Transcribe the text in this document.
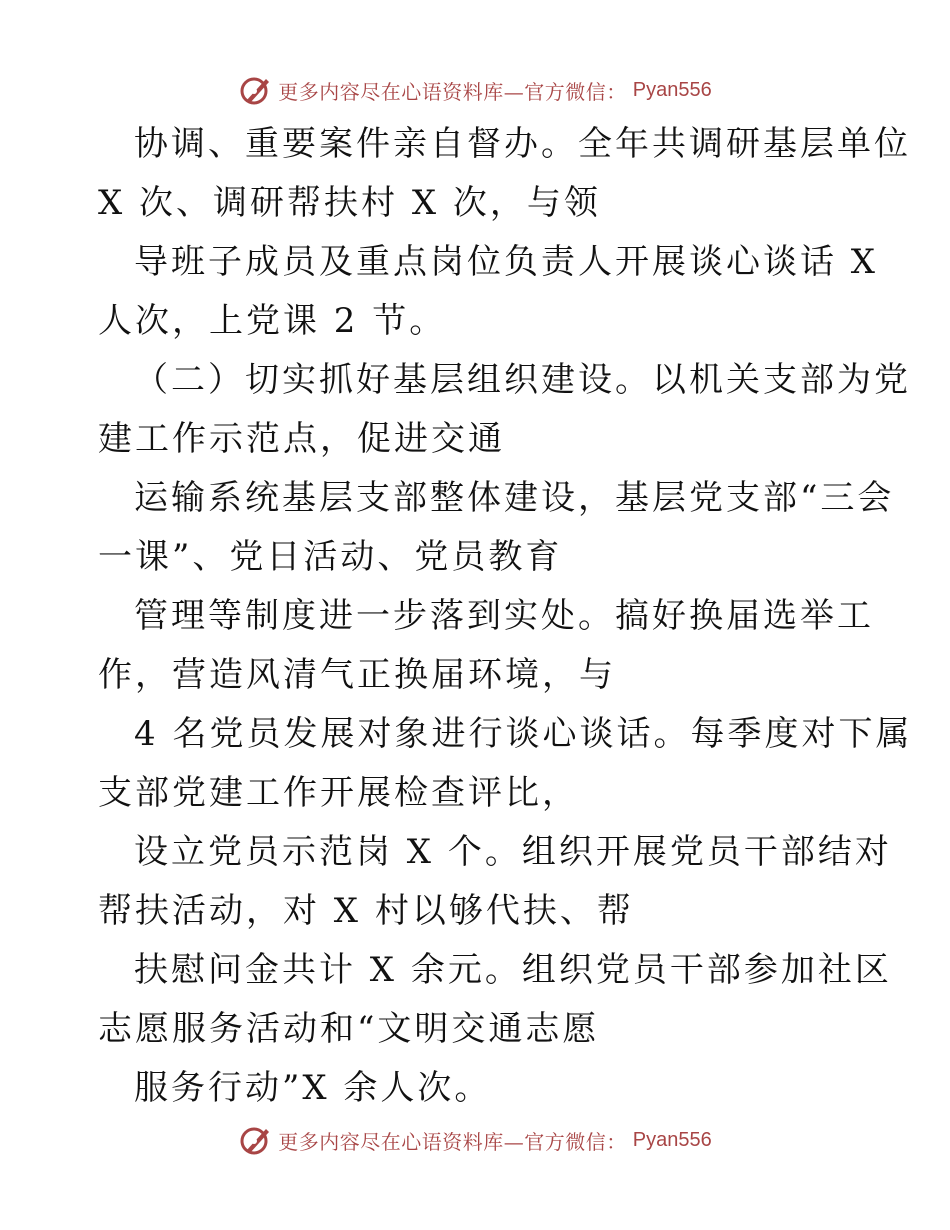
更多内容尽在心语资料库—官方微信： Pyan556
协调、重要案件亲自督办。全年共调研基层单位
X 次、调研帮扶村 X 次，与领
导班子成员及重点岗位负责人开展谈心谈话 X
人次，上党课 2 节。
（二）切实抓好基层组织建设。以机关支部为党
建工作示范点，促进交通
运输系统基层支部整体建设，基层党支部“三会
一课”、党日活动、党员教育
管理等制度进一步落到实处。搞好换届选举工
作，营造风清气正换届环境，与
4 名党员发展对象进行谈心谈话。每季度对下属
支部党建工作开展检查评比，
设立党员示范岗 X 个。组织开展党员干部结对
帮扶活动，对 X 村以够代扶、帮
扶慰问金共计 X 余元。组织党员干部参加社区
志愿服务活动和“文明交通志愿
服务行动”X 余人次。
更多内容尽在心语资料库—官方微信： Pyan556
